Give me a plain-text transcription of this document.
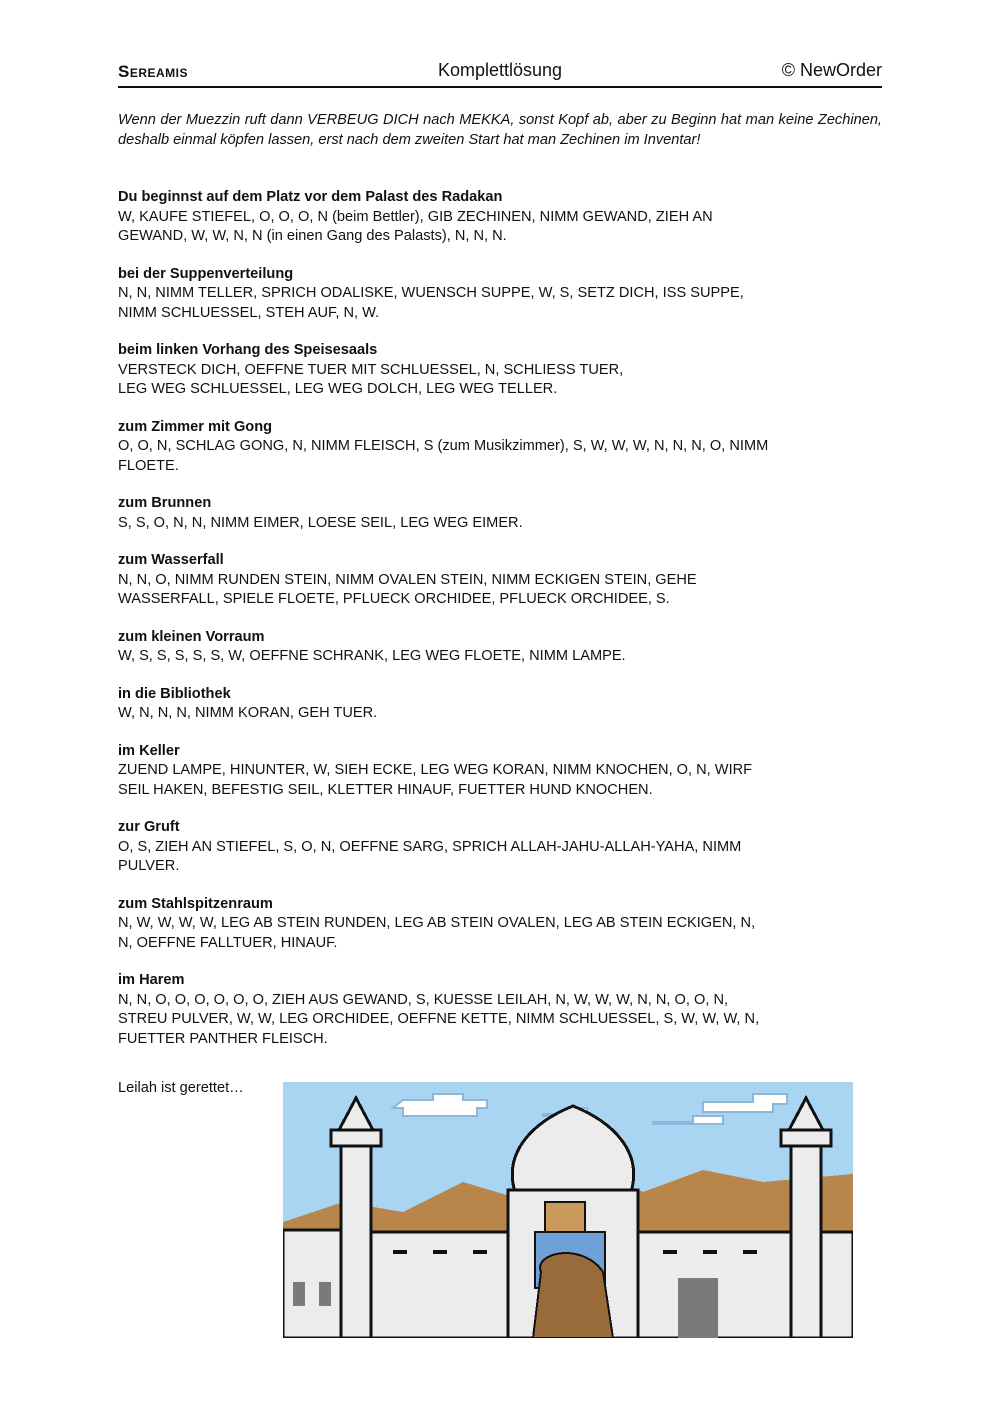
Sereamis	Komplettlösung	© NewOrder
Wenn der Muezzin ruft dann VERBEUG DICH nach MEKKA, sonst Kopf ab, aber zu Beginn hat man keine Zechinen, deshalb einmal köpfen lassen, erst nach dem zweiten Start hat man Zechinen im Inventar!
Du beginnst auf dem Platz vor dem Palast des Radakan
W, KAUFE STIEFEL, O, O, O, N (beim Bettler), GIB ZECHINEN, NIMM GEWAND, ZIEH AN
GEWAND, W, W, N, N (in einen Gang des Palasts), N, N, N.
bei der Suppenverteilung
N, N, NIMM TELLER, SPRICH ODALISKE, WUENSCH SUPPE, W, S, SETZ DICH, ISS SUPPE,
NIMM SCHLUESSEL, STEH AUF, N, W.
beim linken Vorhang des Speisesaals
VERSTECK DICH, OEFFNE TUER MIT SCHLUESSEL, N, SCHLIESS TUER,
LEG WEG SCHLUESSEL, LEG WEG DOLCH, LEG WEG TELLER.
zum Zimmer mit Gong
O, O, N, SCHLAG GONG, N, NIMM FLEISCH, S (zum Musikzimmer), S, W, W, W, N, N, N, O, NIMM
FLOETE.
zum Brunnen
S, S, O, N, N, NIMM EIMER, LOESE SEIL, LEG WEG EIMER.
zum Wasserfall
N, N, O, NIMM RUNDEN STEIN, NIMM OVALEN STEIN, NIMM ECKIGEN STEIN, GEHE
WASSERFALL, SPIELE FLOETE, PFLUECK ORCHIDEE, PFLUECK ORCHIDEE, S.
zum kleinen Vorraum
W, S, S, S, S, S, W, OEFFNE SCHRANK, LEG WEG FLOETE, NIMM LAMPE.
in die Bibliothek
W, N, N, N, NIMM KORAN, GEH TUER.
im Keller
ZUEND LAMPE, HINUNTER, W, SIEH ECKE, LEG WEG KORAN, NIMM KNOCHEN, O, N, WIRF
SEIL HAKEN, BEFESTIG SEIL, KLETTER HINAUF, FUETTER HUND KNOCHEN.
zur Gruft
O, S, ZIEH AN STIEFEL, S, O, N, OEFFNE SARG, SPRICH ALLAH-JAHU-ALLAH-YAHA, NIMM
PULVER.
zum Stahlspitzenraum
N, W, W, W, W, LEG AB STEIN RUNDEN, LEG AB STEIN OVALEN, LEG AB STEIN ECKIGEN, N,
N, OEFFNE FALLTUER, HINAUF.
im Harem
N, N, O, O, O, O, O, O, ZIEH AUS GEWAND, S, KUESSE LEILAH, N, W, W, W, N, N, O, O, N,
STREU PULVER, W, W, LEG ORCHIDEE, OEFFNE KETTE, NIMM SCHLUESSEL, S, W, W, W, N,
FUETTER PANTHER FLEISCH.
Leilah ist gerettet…
